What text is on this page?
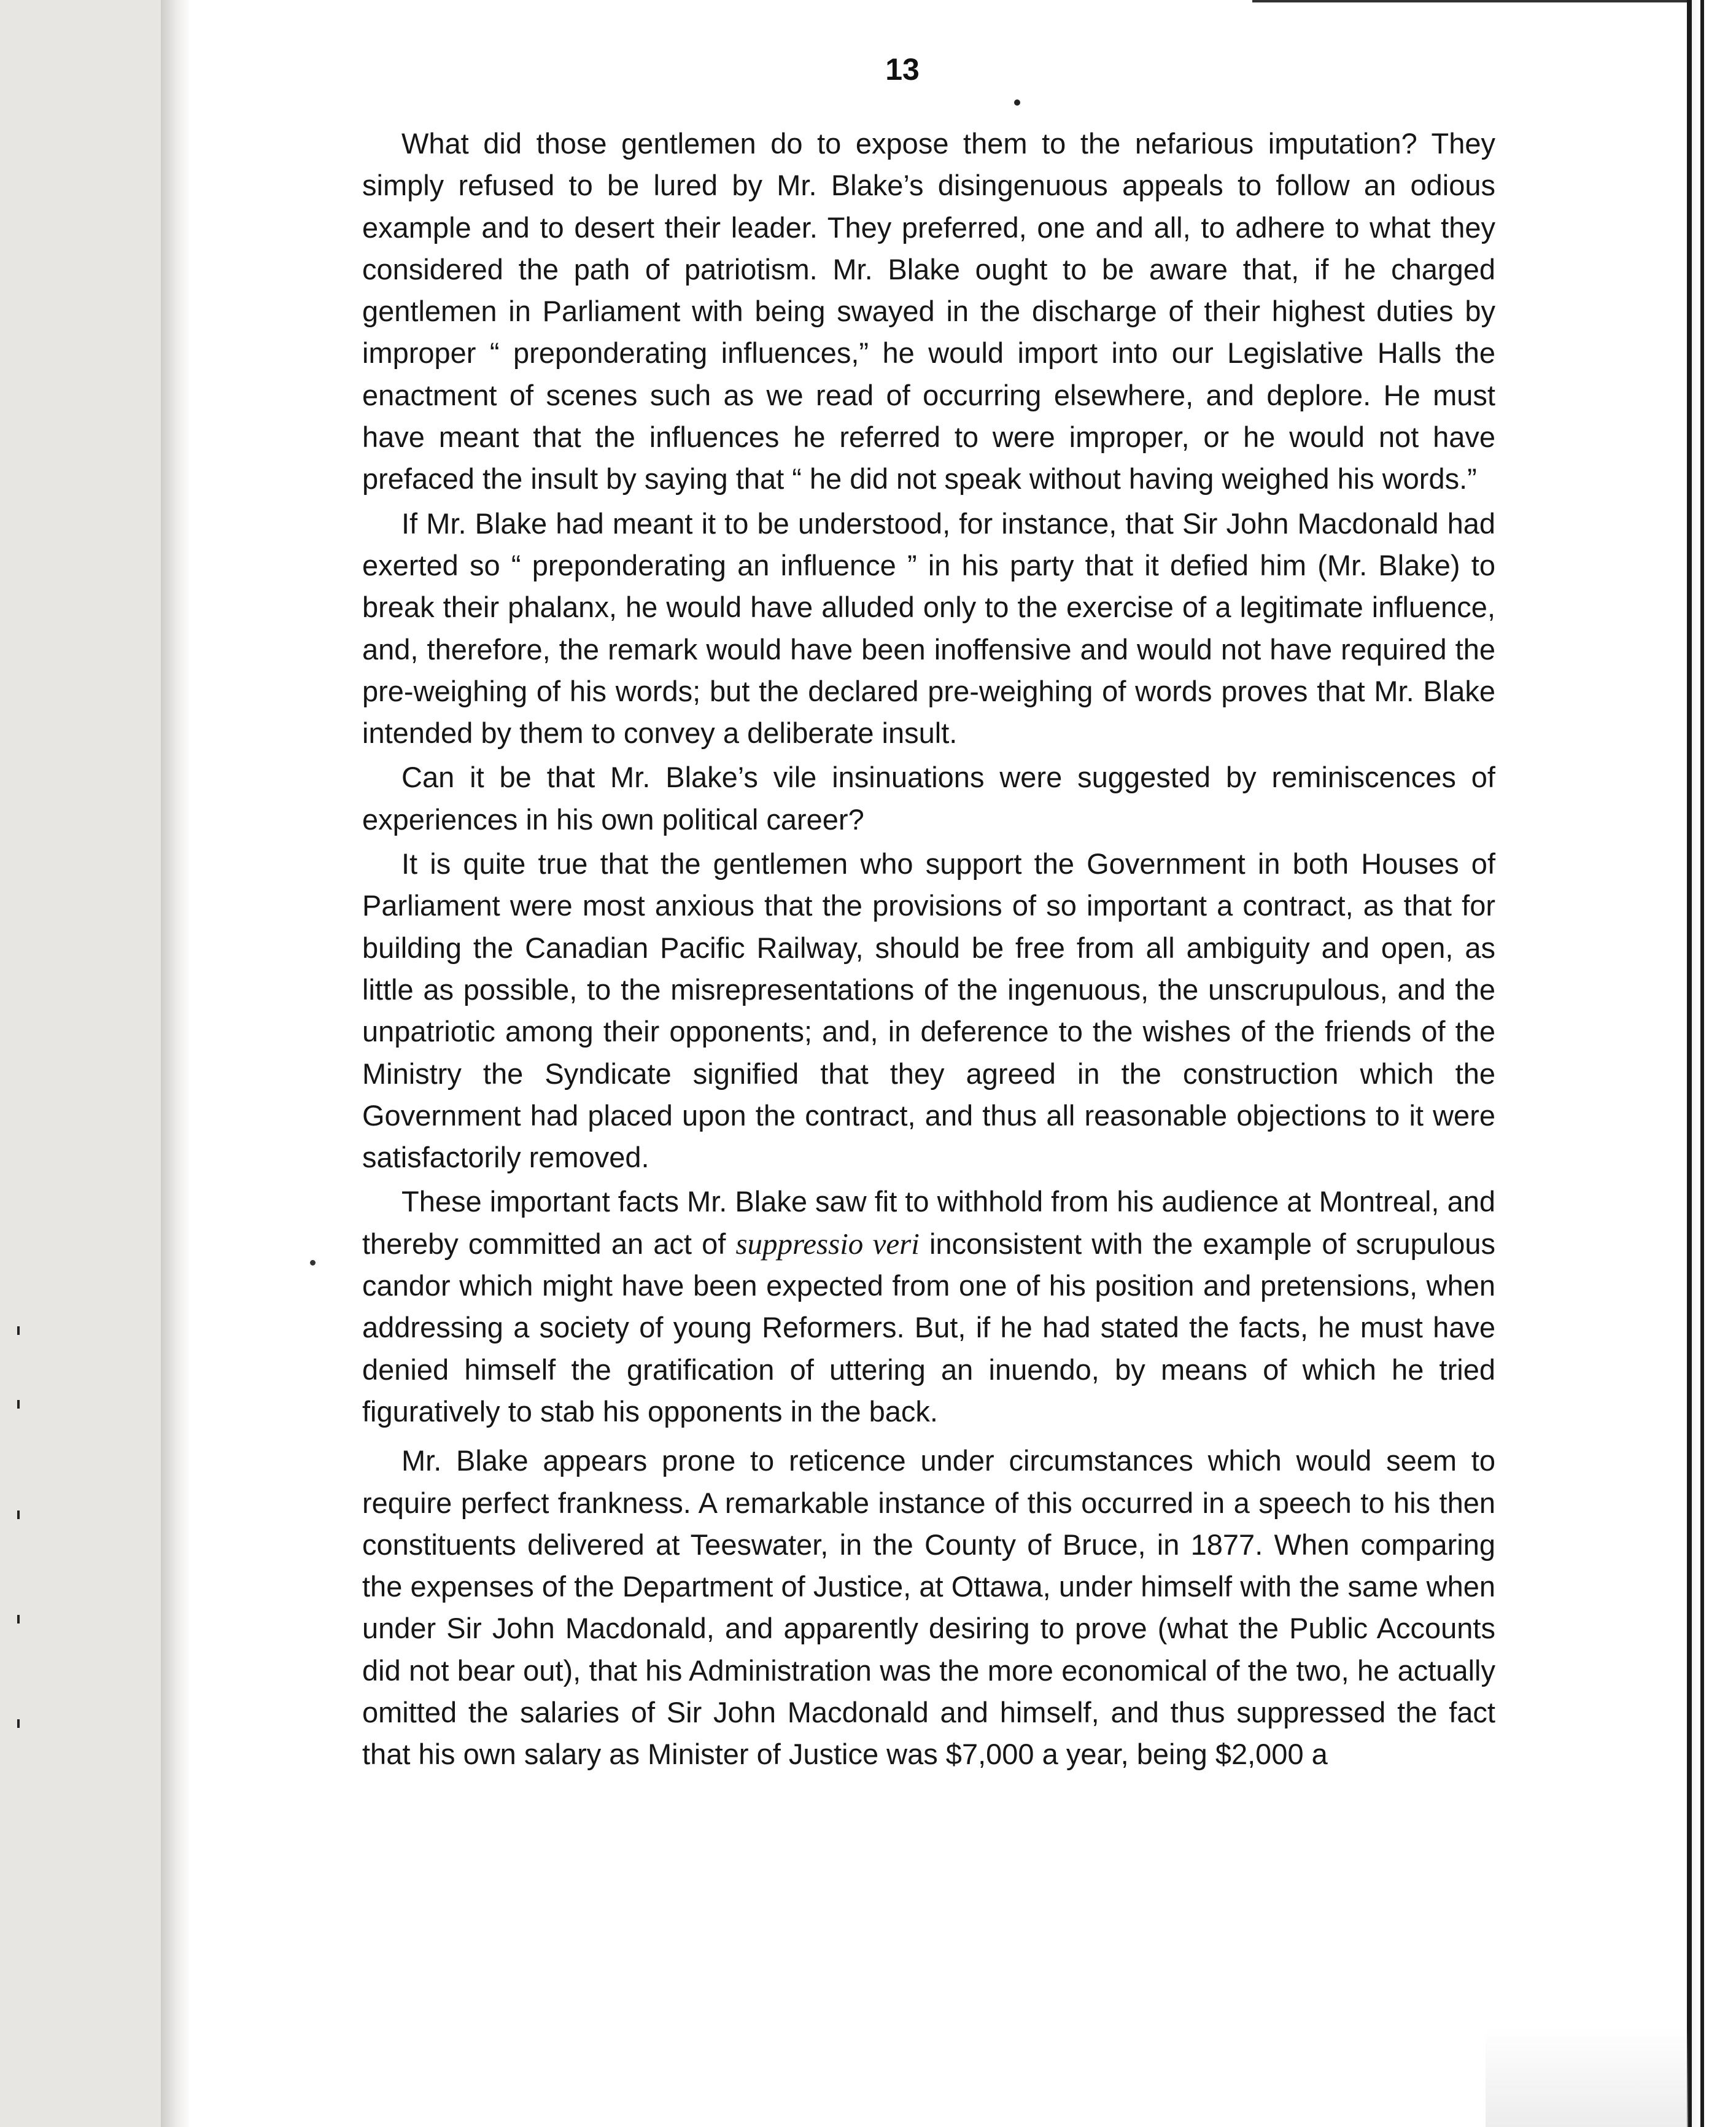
13

What did those gentlemen do to expose them to the nefarious imputation? They simply refused to be lured by Mr. Blake’s disingenuous appeals to follow an odious example and to desert their leader. They preferred, one and all, to adhere to what they considered the path of patriotism. Mr. Blake ought to be aware that, if he charged gentlemen in Parliament with being swayed in the discharge of their highest duties by improper “ preponderating influences,” he would import into our Legislative Halls the enactment of scenes such as we read of occurring elsewhere, and deplore. He must have meant that the influences he referred to were improper, or he would not have prefaced the insult by saying that “ he did not speak without having weighed his words.”

If Mr. Blake had meant it to be understood, for instance, that Sir John Macdonald had exerted so “ preponderating an influence ” in his party that it defied him (Mr. Blake) to break their phalanx, he would have alluded only to the exercise of a legitimate influence, and, therefore, the remark would have been inoffensive and would not have required the pre-weighing of his words; but the declared pre-weighing of words proves that Mr. Blake intended by them to convey a deliberate insult.

Can it be that Mr. Blake’s vile insinuations were suggested by reminiscences of experiences in his own political career?

It is quite true that the gentlemen who support the Government in both Houses of Parliament were most anxious that the provisions of so important a contract, as that for building the Canadian Pacific Railway, should be free from all ambiguity and open, as little as possible, to the misrepresentations of the ingenuous, the unscrupulous, and the unpatriotic among their opponents; and, in deference to the wishes of the friends of the Ministry the Syndicate signified that they agreed in the construction which the Government had placed upon the contract, and thus all reasonable objections to it were satisfactorily removed.

These important facts Mr. Blake saw fit to withhold from his audience at Montreal, and thereby committed an act of suppressio veri inconsistent with the example of scrupulous candor which might have been expected from one of his position and pretensions, when addressing a society of young Reformers. But, if he had stated the facts, he must have denied himself the gratification of uttering an inuendo, by means of which he tried figuratively to stab his opponents in the back.

Mr. Blake appears prone to reticence under circumstances which would seem to require perfect frankness. A remarkable instance of this occurred in a speech to his then constituents delivered at Teeswater, in the County of Bruce, in 1877. When comparing the expenses of the Department of Justice, at Ottawa, under himself with the same when under Sir John Macdonald, and apparently desiring to prove (what the Public Accounts did not bear out), that his Administration was the more economical of the two, he actually omitted the salaries of Sir John Macdonald and himself, and thus suppressed the fact that his own salary as Minister of Justice was $7,000 a year, being $2,000 a
